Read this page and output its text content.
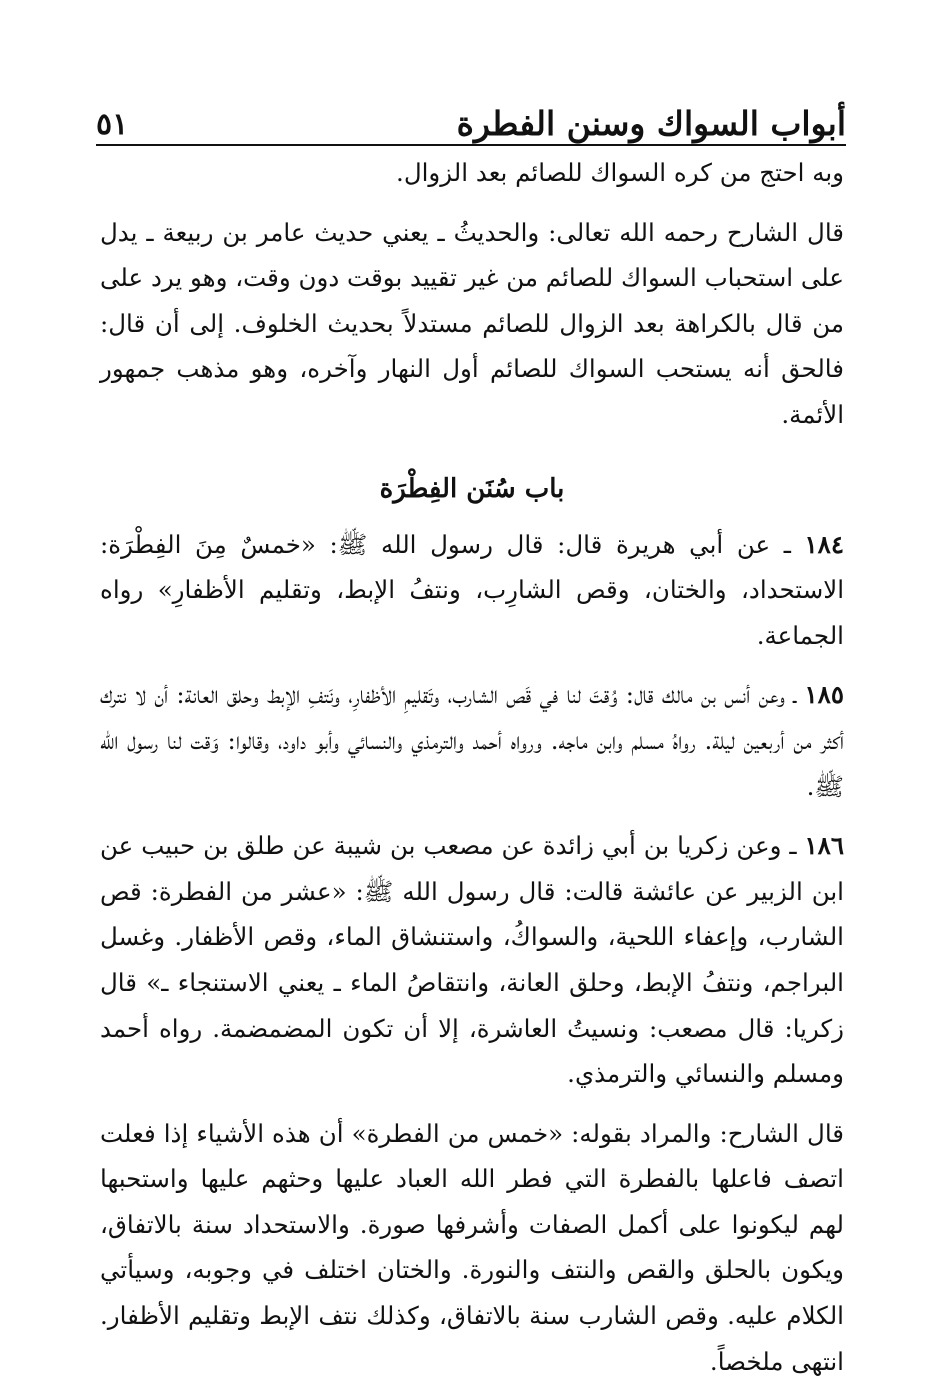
أبواب السواك وسنن الفطرة
٥١

وبه احتج من كره السواك للصائم بعد الزوال.

قال الشارح رحمه الله تعالى: والحديثُ ـ يعني حديث عامر بن ربيعة ـ يدل على استحباب السواك للصائم من غير تقييد بوقت دون وقت، وهو يرد على من قال بالكراهة بعد الزوال للصائم مستدلاً بحديث الخلوف. إلى أن قال: فالحق أنه يستحب السواك للصائم أول النهار وآخره، وهو مذهب جمهور الأئمة.

باب سُنَن الفِطْرَة

١٨٤ ـ عن أبي هريرة قال: قال رسول الله ﷺ: «خمسٌ مِنَ الفِطْرَة: الاستحداد، والختان، وقص الشارِب، ونتفُ الإبط، وتقليم الأظفارِ» رواه الجماعة.

١٨٥ ـ وعن أنس بن مالك قال: وُقتَ لنا في قَص الشارب، وتَقليمِ الأظفارِ، ونَتفِ الإبط وحلق العانة: أن لا نترك أكثر من أربعين ليلة. رواهُ مسلم وابن ماجه. ورواه أحمد والترمذي والنسائي وأبو داود، وقالوا: وَقت لنا رسول الله ﷺ.

١٨٦ ـ وعن زكريا بن أبي زائدة عن مصعب بن شيبة عن طلق بن حبيب عن ابن الزبير عن عائشة قالت: قال رسول الله ﷺ: «عشر من الفطرة: قص الشارب، وإعفاء اللحية، والسواكُ، واستنشاق الماء، وقص الأظفار. وغسل البراجم، ونتفُ الإبط، وحلق العانة، وانتقاصُ الماء ـ يعني الاستنجاء ـ» قال زكريا: قال مصعب: ونسيتُ العاشرة، إلا أن تكون المضمضمة. رواه أحمد ومسلم والنسائي والترمذي.

قال الشارح: والمراد بقوله: «خمس من الفطرة» أن هذه الأشياء إذا فعلت اتصف فاعلها بالفطرة التي فطر الله العباد عليها وحثهم عليها واستحبها لهم ليكونوا على أكمل الصفات وأشرفها صورة. والاستحداد سنة بالاتفاق، ويكون بالحلق والقص والنتف والنورة. والختان اختلف في وجوبه، وسيأتي الكلام عليه. وقص الشارب سنة بالاتفاق، وكذلك نتف الإبط وتقليم الأظفار. انتهى ملخصاً.
